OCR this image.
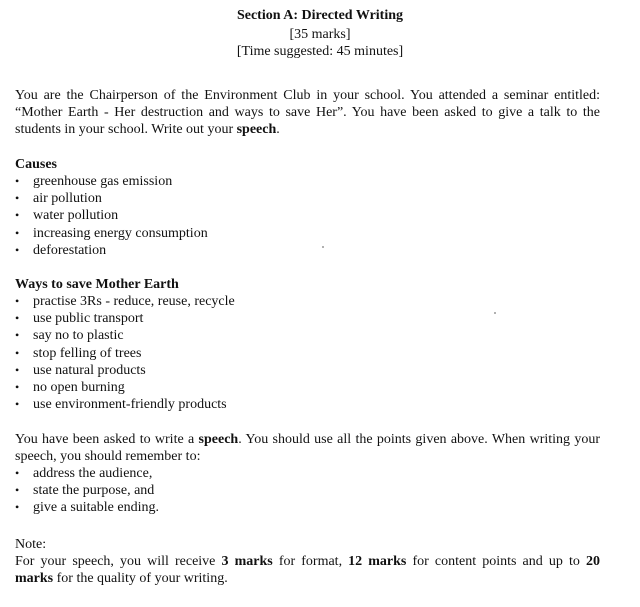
Section A: Directed Writing
[35 marks]
[Time suggested: 45 minutes]
You are the Chairperson of the Environment Club in your school. You attended a seminar entitled:
“Mother Earth - Her destruction and ways to save Her”. You have been asked to give a talk to the
students in your school. Write out your speech.
Causes
• greenhouse gas emission
• air pollution
• water pollution
• increasing energy consumption
• deforestation
Ways to save Mother Earth
• practise 3Rs - reduce, reuse, recycle
• use public transport
• say no to plastic
• stop felling of trees
• use natural products
• no open burning
• use environment-friendly products
You have been asked to write a speech. You should use all the points given above. When writing your
speech, you should remember to:
• address the audience,
• state the purpose, and
• give a suitable ending.
Note:
For your speech, you will receive 3 marks for format, 12 marks for content points and up to 20
marks for the quality of your writing.
